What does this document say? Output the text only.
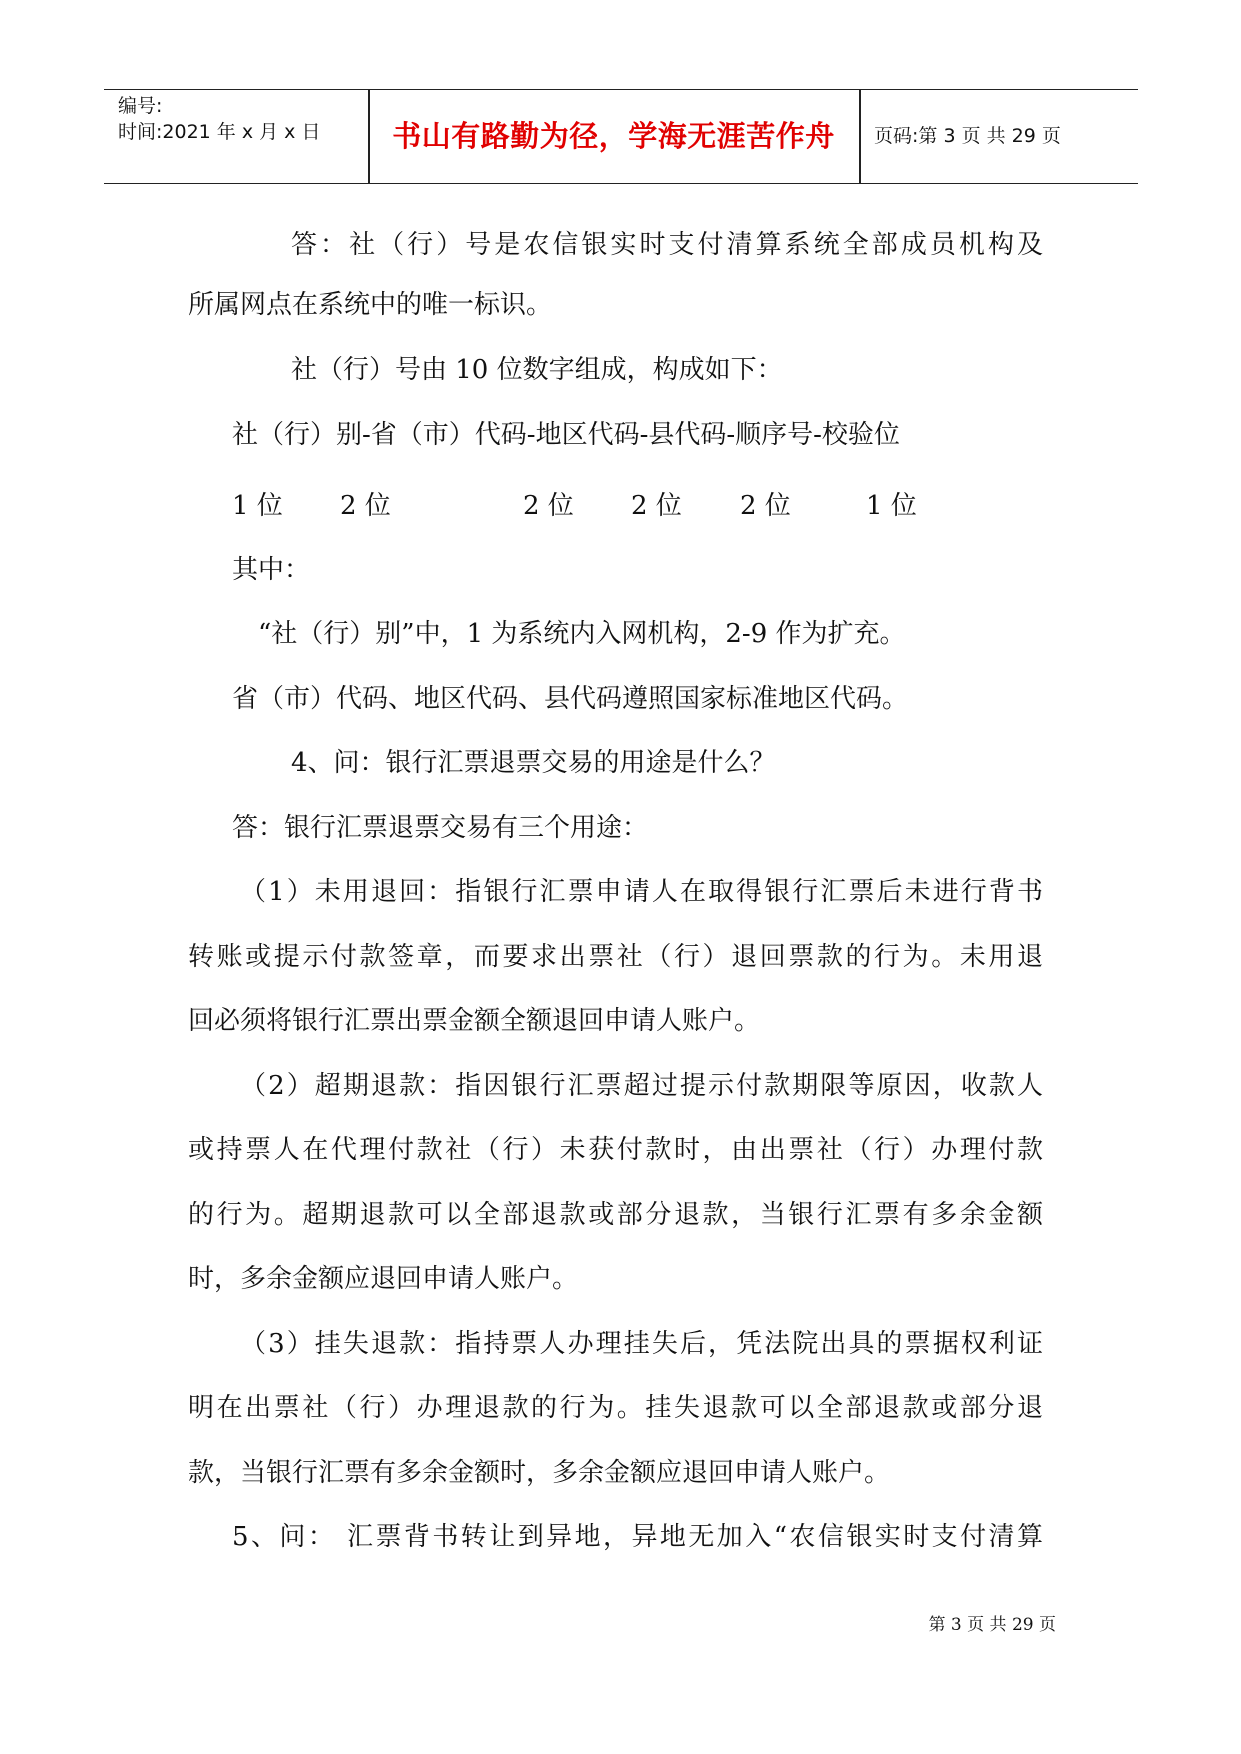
编号:
时间:2021 年 x 月 x 日	书山有路勤为径，学海无涯苦作舟	页码:第 3 页 共 29 页
答：社（行）号是农信银实时支付清算系统全部成员机构及
所属网点在系统中的唯一标识。
社（行）号由 10 位数字组成，构成如下：
社（行）别-省（市）代码-地区代码-县代码-顺序号-校验位
1 位 2 位	2 位 2 位 2 位	1 位
其中：
“社（行）别”中，1 为系统内入网机构，2-9 作为扩充。
省（市）代码、地区代码、县代码遵照国家标准地区代码。
4、问：银行汇票退票交易的用途是什么？
答：银行汇票退票交易有三个用途：
（1）未用退回：指银行汇票申请人在取得银行汇票后未进行背书
转账或提示付款签章，而要求出票社（行）退回票款的行为。未用退
回必须将银行汇票出票金额全额退回申请人账户。
（2）超期退款：指因银行汇票超过提示付款期限等原因，收款人
或持票人在代理付款社（行）未获付款时，由出票社（行）办理付款
的行为。超期退款可以全部退款或部分退款，当银行汇票有多余金额
时，多余金额应退回申请人账户。
（3）挂失退款：指持票人办理挂失后，凭法院出具的票据权利证
明在出票社（行）办理退款的行为。挂失退款可以全部退款或部分退
款，当银行汇票有多余金额时，多余金额应退回申请人账户。
5、问： 汇票背书转让到异地，异地无加入“农信银实时支付清算
第 3 页 共 29 页
